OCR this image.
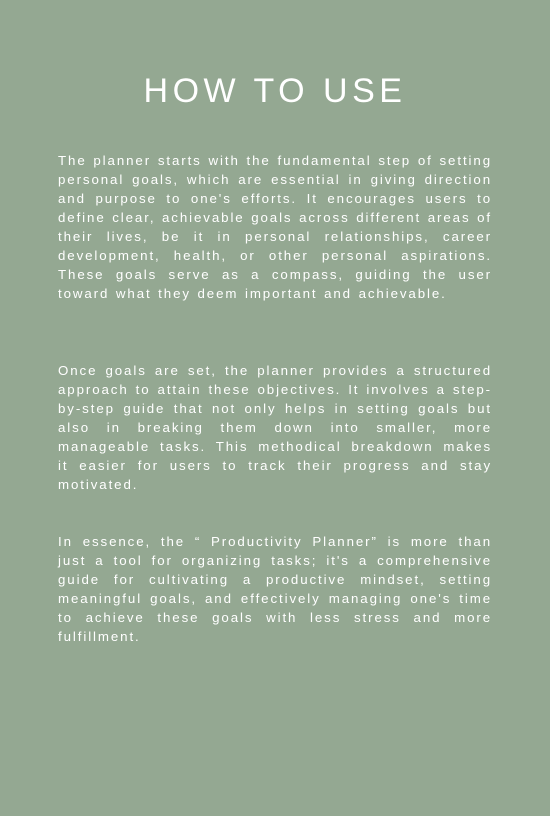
HOW TO USE

The planner starts with the fundamental step of setting personal goals, which are essential in giving direction and purpose to one's efforts. It encourages users to define clear, achievable goals across different areas of their lives, be it in personal relationships, career development, health, or other personal aspirations. These goals serve as a compass, guiding the user toward what they deem important and achievable.

Once goals are set, the planner provides a structured approach to attain these objectives. It involves a step-by-step guide that not only helps in setting goals but also in breaking them down into smaller, more manageable tasks. This methodical breakdown makes it easier for users to track their progress and stay motivated.

In essence, the “ Productivity Planner” is more than just a tool for organizing tasks; it's a comprehensive guide for cultivating a productive mindset, setting meaningful goals, and effectively managing one's time to achieve these goals with less stress and more fulfillment.
